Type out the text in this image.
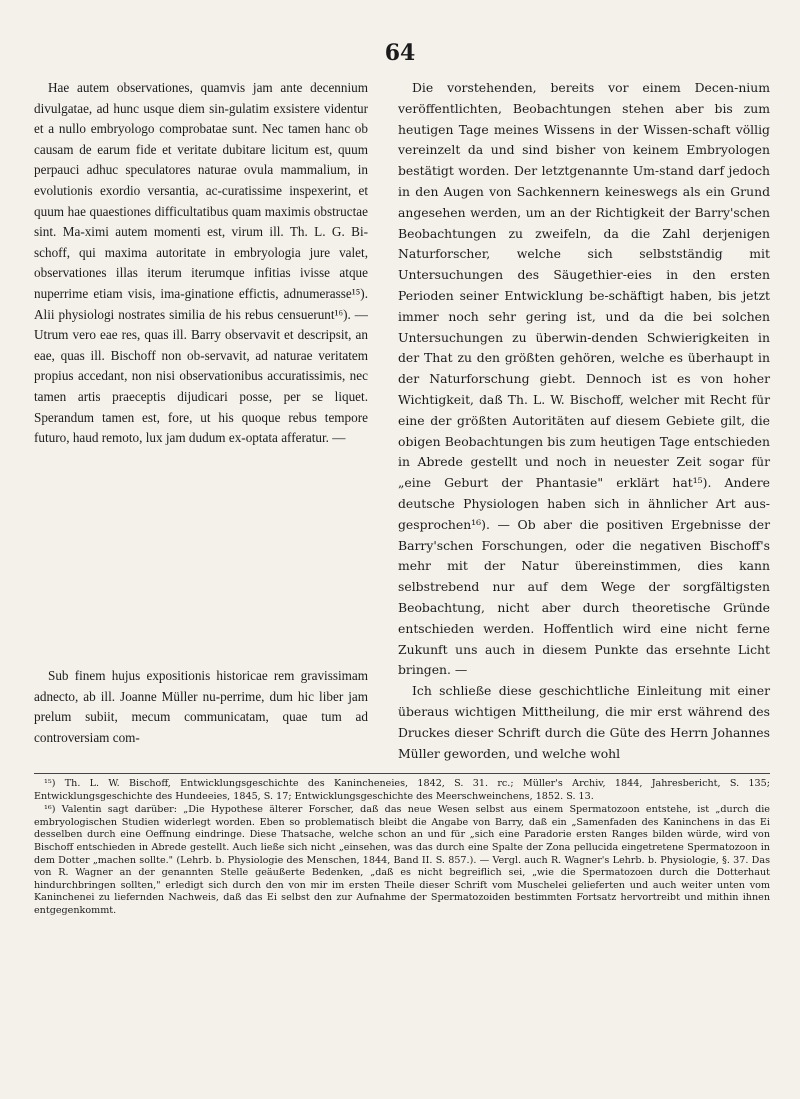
64

Hae autem observationes, quamvis jam ante decennium divulgatae, ad hunc usque diem sin-gulatim exsistere videntur et a nullo embryologo comprobatae sunt. Nec tamen hanc ob causam de earum fide et veritate dubitare licitum est, quum perpauci adhuc speculatores naturae ovula mammalium, in evolutionis exordio versantia, ac-curatissime inspexerint, et quum hae quaestiones difficultatibus quam maximis obstructae sint. Ma-ximi autem momenti est, virum ill. Th. L. G. Bi-schoff, qui maxima autoritate in embryologia jure valet, observationes illas iterum iterumque infitias ivisse atque nuperrime etiam visis, ima-ginatione effictis, adnumerasse¹⁵). Alii physiologi nostrates similia de his rebus censuerunt¹⁶). — Utrum vero eae res, quas ill. Barry observavit et descripsit, an eae, quas ill. Bischoff non ob-servavit, ad naturae veritatem propius accedant, non nisi observationibus accuratissimis, nec tamen artis praeceptis dijudicari posse, per se liquet. Sperandum tamen est, fore, ut his quoque rebus tempore futuro, haud remoto, lux jam dudum ex-optata afferatur. —

Sub finem hujus expositionis historicae rem gravissimam adnecto, ab ill. Joanne Müller nu-perrime, dum hic liber jam prelum subiit, mecum communicatam, quae tum ad controversiam com-

Die vorstehenden, bereits vor einem Decen-nium veröffentlichten, Beobachtungen stehen aber bis zum heutigen Tage meines Wissens in der Wissen-schaft völlig vereinzelt da und sind bisher von keinem Embryologen bestätigt worden. Der letztgenannte Um-stand darf jedoch in den Augen von Sachkennern keineswegs als ein Grund angesehen werden, um an der Richtigkeit der Barry'schen Beobachtungen zu zweifeln, da die Zahl derjenigen Naturforscher, welche sich selbstständig mit Untersuchungen des Säugethier-eies in den ersten Perioden seiner Entwicklung be-schäftigt haben, bis jetzt immer noch sehr gering ist, und da die bei solchen Untersuchungen zu überwin-denden Schwierigkeiten in der That zu den größten gehören, welche es überhaupt in der Naturforschung giebt. Dennoch ist es von hoher Wichtigkeit, daß Th. L. W. Bischoff, welcher mit Recht für eine der größten Autoritäten auf diesem Gebiete gilt, die obigen Beobachtungen bis zum heutigen Tage entschieden in Abrede gestellt und noch in neuester Zeit sogar für „eine Geburt der Phantasie" erklärt hat¹⁵). Andere deutsche Physiologen haben sich in ähnlicher Art aus-gesprochen¹⁶). — Ob aber die positiven Ergebnisse der Barry'schen Forschungen, oder die negativen Bischoff's mehr mit der Natur übereinstimmen, dies kann selbstrebend nur auf dem Wege der sorgfältigsten Beobachtung, nicht aber durch theoretische Gründe entschieden werden. Hoffentlich wird eine nicht ferne Zukunft uns auch in diesem Punkte das ersehnte Licht bringen. —

Ich schließe diese geschichtliche Einleitung mit einer überaus wichtigen Mittheilung, die mir erst während des Druckes dieser Schrift durch die Güte des Herrn Johannes Müller geworden, und welche wohl

¹⁵) Th. L. W. Bischoff, Entwicklungsgeschichte des Kanincheneies, 1842, S. 31. rc.; Müller's Archiv, 1844, Jahresbericht, S. 135; Entwicklungsgeschichte des Hundeeies, 1845, S. 17; Entwicklungsgeschichte des Meerschweinchens, 1852. S. 13.

¹⁶) Valentin sagt darüber: „Die Hypothese älterer Forscher, daß das neue Wesen selbst aus einem Spermatozoon entstehe, ist „durch die embryologischen Studien widerlegt worden. Eben so problematisch bleibt die Angabe von Barry, daß ein „Samenfaden des Kaninchens in das Ei desselben durch eine Oeffnung eindringe. Diese Thatsache, welche schon an und für „sich eine Paradorie ersten Ranges bilden würde, wird von Bischoff entschieden in Abrede gestellt. Auch ließe sich nicht „einsehen, was das durch eine Spalte der Zona pellucida eingetretene Spermatozoon in dem Dotter „machen sollte." (Lehrb. b. Physiologie des Menschen, 1844, Band II. S. 857.). — Vergl. auch R. Wagner's Lehrb. b. Physiologie, §. 37. Das von R. Wagner an der genannten Stelle geäußerte Bedenken, „daß es nicht begreiflich sei, „wie die Spermatozoen durch die Dotterhaut hindurchbringen sollten," erledigt sich durch den von mir im ersten Theile dieser Schrift vom Muschelei gelieferten und auch weiter unten vom Kaninchenei zu liefernden Nachweis, daß das Ei selbst den zur Aufnahme der Spermatozoiden bestimmten Fortsatz hervortreibt und mithin ihnen entgegenkommt.
